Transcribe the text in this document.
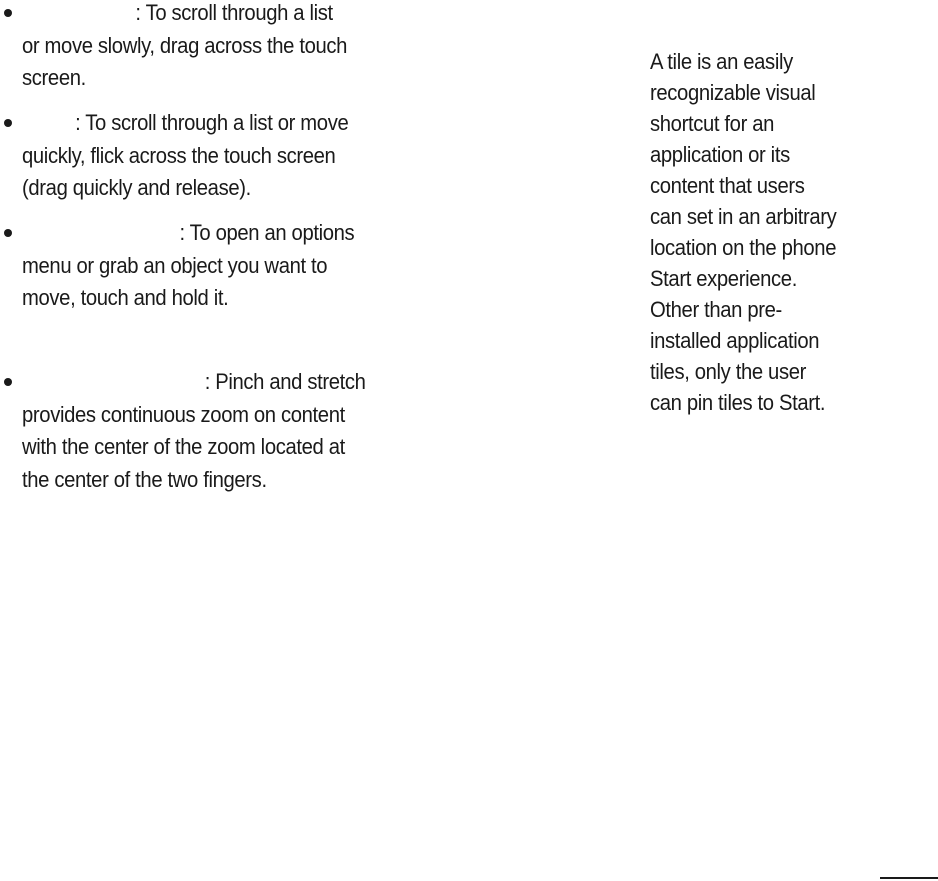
: To scroll through a list
or move slowly, drag across the touch
screen.
: To scroll through a list or move
quickly, flick across the touch screen
(drag quickly and release).
: To open an options
menu or grab an object you want to
move, touch and hold it.
: Pinch and stretch
provides continuous zoom on content
with the center of the zoom located at
the center of the two fingers.
A tile is an easily
recognizable visual
shortcut for an
application or its
content that users
can set in an arbitrary
location on the phone
Start experience.
Other than pre-
installed application
tiles, only the user
can pin tiles to Start.
